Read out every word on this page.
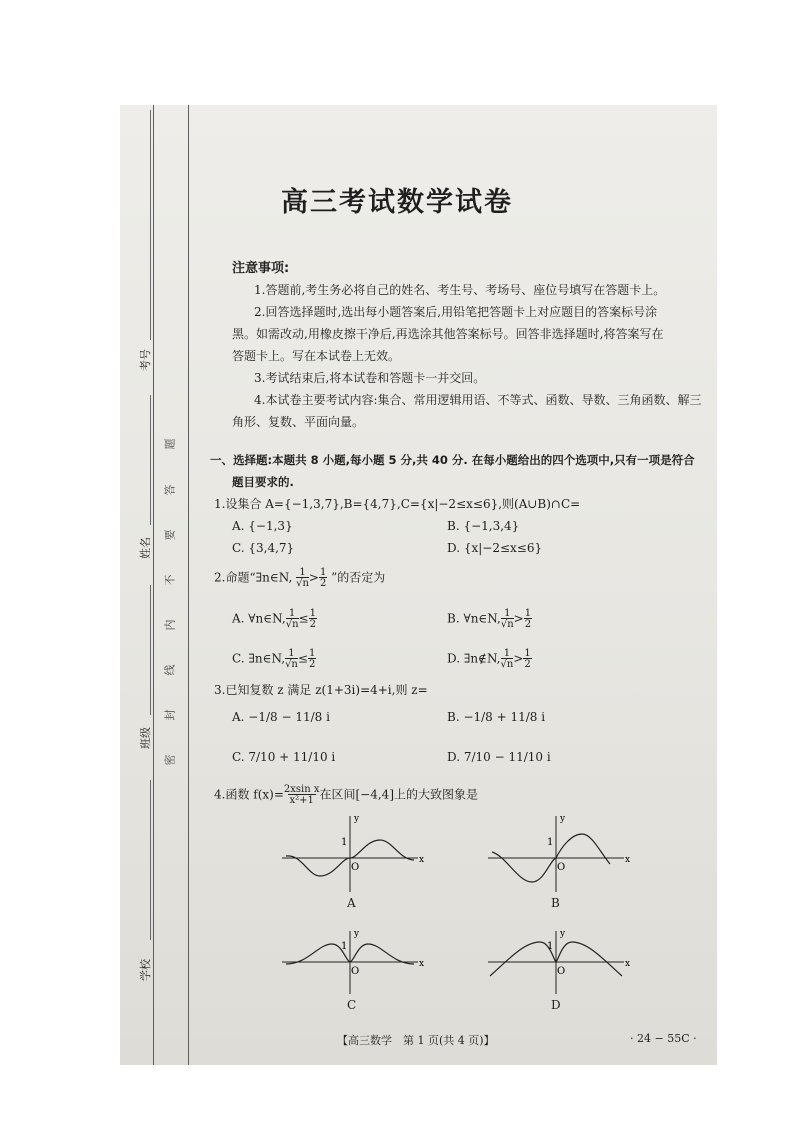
考号
姓名
班级
学校
题
答
要
不
内
线
封
密
高三考试数学试卷
注意事项:
1.答题前,考生务必将自己的姓名、考生号、考场号、座位号填写在答题卡上。
2.回答选择题时,选出每小题答案后,用铅笔把答题卡上对应题目的答案标号涂
黑。如需改动,用橡皮擦干净后,再选涂其他答案标号。回答非选择题时,将答案写在
答题卡上。写在本试卷上无效。
3.考试结束后,将本试卷和答题卡一并交回。
4.本试卷主要考试内容:集合、常用逻辑用语、不等式、函数、导数、三角函数、解三
角形、复数、平面向量。
一、选择题:本题共 8 小题,每小题 5 分,共 40 分. 在每小题给出的四个选项中,只有一项是符合
题目要求的.
1.设集合 A={−1,3,7},B={4,7},C={x|−2≤x≤6},则(A∪B)∩C=
A. {−1,3}	B. {−1,3,4}
C. {3,4,7}	D. {x|−2≤x≤6}
2.命题“∃n∈N, $\frac{1}{√n}>\frac{1}{2}$ ”的否定为
A. $\forall n\in N,\frac{1}{√n}\le\frac{1}{2}$	B. $\forall n\in N,\frac{1}{√n}>\frac{1}{2}$
C. $\exists n\in N,\frac{1}{√n}\le\frac{1}{2}$	D. $\exists n\notin N,\frac{1}{√n}>\frac{1}{2}$
3.已知复数 z 满足 z(1+3i)=4+i,则 z=
A. −1/8 − 11/8 i	B. −1/8 + 11/8 i
C. 7/10 + 11/10 i	D. 7/10 − 11/10 i
4.函数 $f(x)=\frac{\text{2xsin x}}{\text{x²+1}}$在区间[−4,4]上的大致图象是
y
x
O
1
A
y
x
O
1
B
y
x
O
1
C
y
x
O
1
D
【高三数学　第 1 页(共 4 页)】	· 24 − 55C ·
